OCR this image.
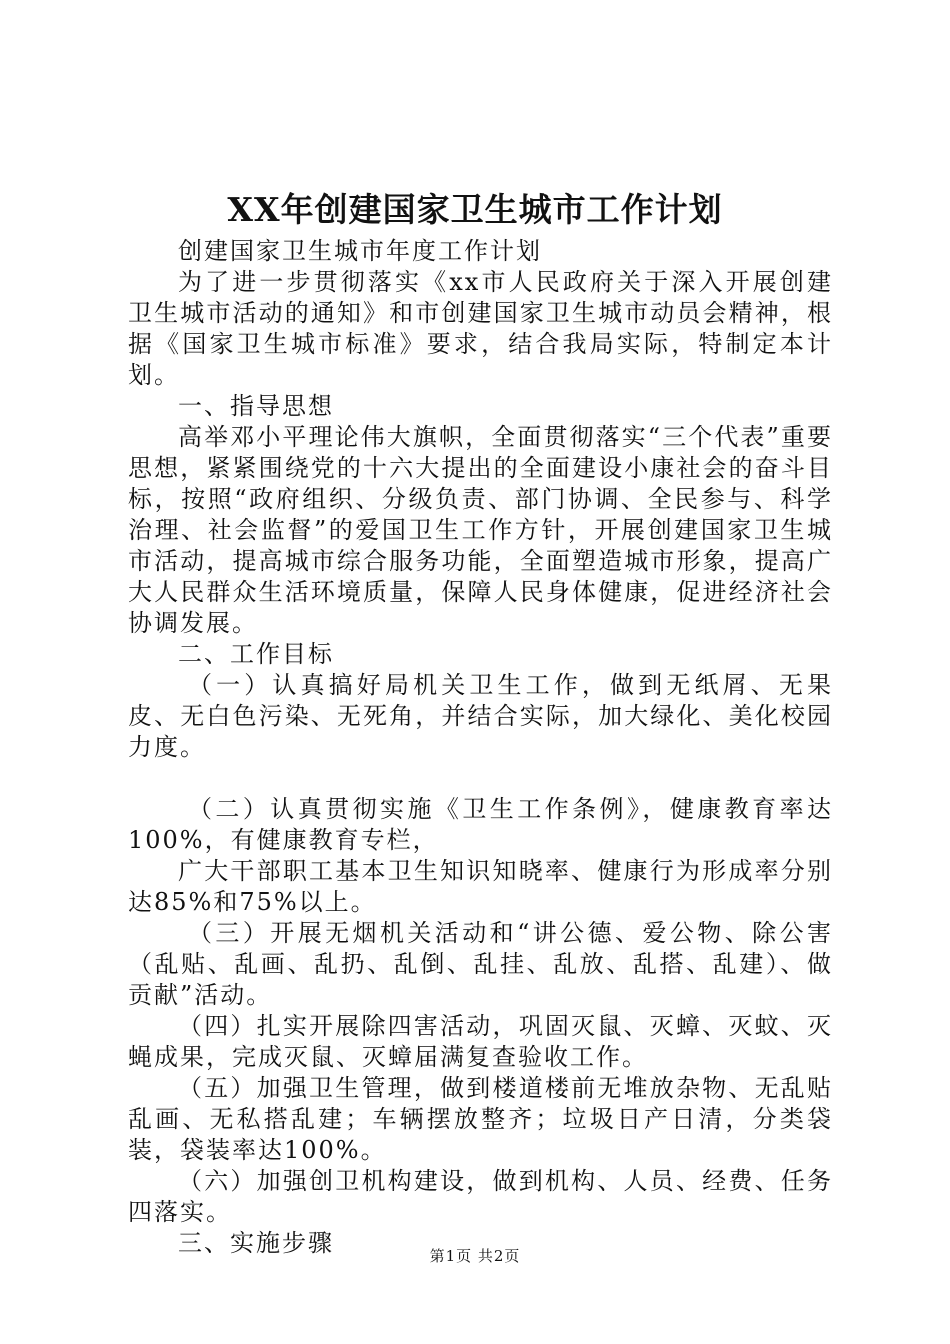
XX年创建国家卫生城市工作计划

创建国家卫生城市年度工作计划

为了进一步贯彻落实《xx市人民政府关于深入开展创建卫生城市活动的通知》和市创建国家卫生城市动员会精神，根据《国家卫生城市标准》要求，结合我局实际，特制定本计划。

一、指导思想

高举邓小平理论伟大旗帜，全面贯彻落实“三个代表”重要思想，紧紧围绕党的十六大提出的全面建设小康社会的奋斗目标，按照“政府组织、分级负责、部门协调、全民参与、科学治理、社会监督”的爱国卫生工作方针，开展创建国家卫生城市活动，提高城市综合服务功能，全面塑造城市形象，提高广大人民群众生活环境质量，保障人民身体健康，促进经济社会协调发展。

二、工作目标

（一）认真搞好局机关卫生工作，做到无纸屑、无果皮、无白色污染、无死角，并结合实际，加大绿化、美化校园力度。

（二）认真贯彻实施《卫生工作条例》，健康教育率达100%，有健康教育专栏，

广大干部职工基本卫生知识知晓率、健康行为形成率分别达85%和75%以上。

（三）开展无烟机关活动和“讲公德、爱公物、除公害（乱贴、乱画、乱扔、乱倒、乱挂、乱放、乱搭、乱建）、做贡献”活动。

（四）扎实开展除四害活动，巩固灭鼠、灭蟑、灭蚊、灭蝇成果，完成灭鼠、灭蟑届满复查验收工作。

（五）加强卫生管理，做到楼道楼前无堆放杂物、无乱贴乱画、无私搭乱建；车辆摆放整齐；垃圾日产日清，分类袋装，袋装率达100%。

（六）加强创卫机构建设，做到机构、人员、经费、任务四落实。

三、实施步骤	第1页 共2页
